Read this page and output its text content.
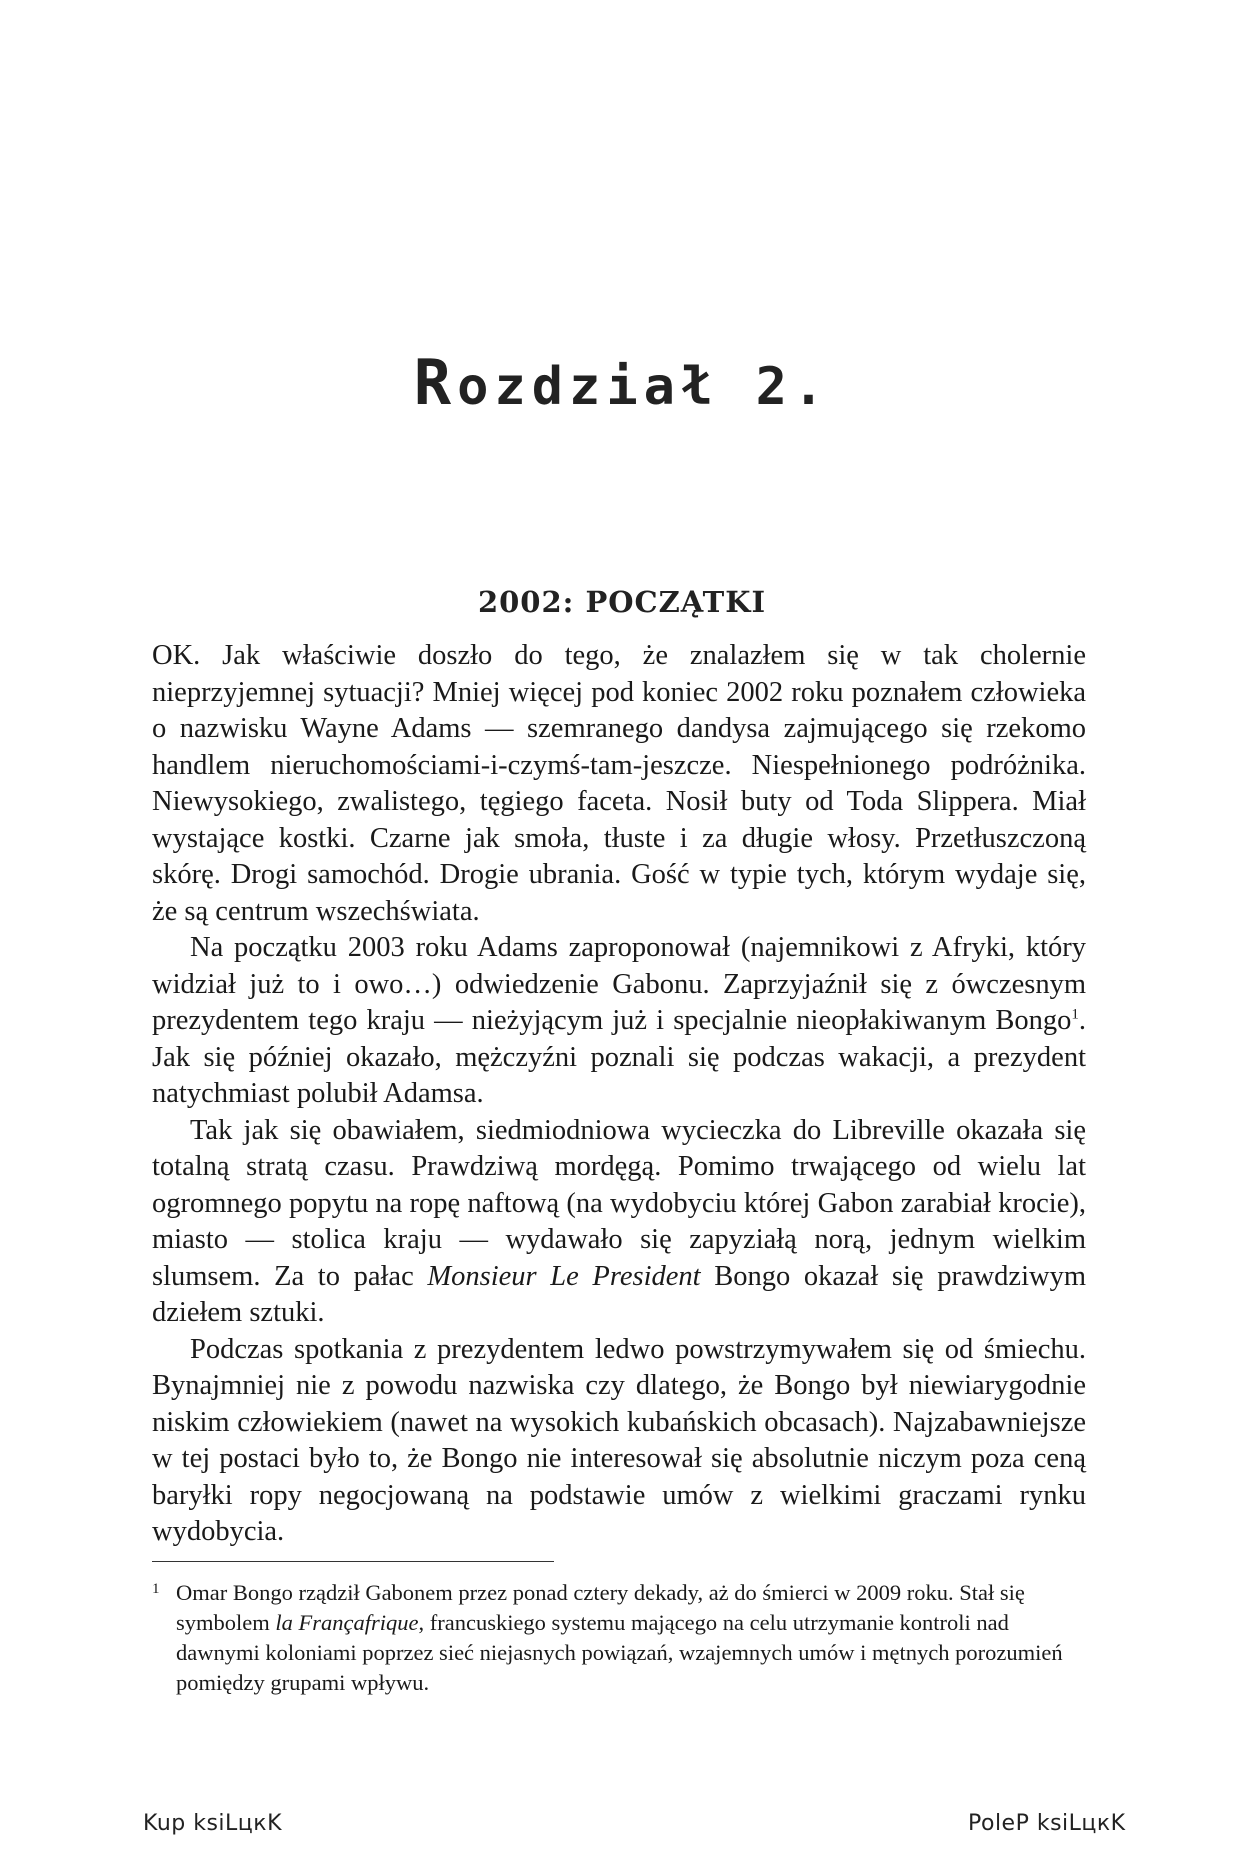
Rozdział 2.
2002: POCZĄTKI

OK. Jak właściwie doszło do tego, że znalazłem się w tak cholernie nieprzyjemnej sytuacji? Mniej więcej pod koniec 2002 roku poznałem człowieka o nazwisku Wayne Adams — szemranego dandysa zajmującego się rzekomo handlem nieruchomościami-i-czymś-tam-jeszcze. Niespełnionego podróżnika. Niewysokiego, zwalistego, tęgiego faceta. Nosił buty od Toda Slippera. Miał wystające kostki. Czarne jak smoła, tłuste i za długie włosy. Przetłuszczoną skórę. Drogi samochód. Drogie ubrania. Gość w typie tych, którym wydaje się, że są centrum wszechświata.

Na początku 2003 roku Adams zaproponował (najemnikowi z Afryki, który widział już to i owo…) odwiedzenie Gabonu. Zaprzyjaźnił się z ówczesnym prezydentem tego kraju — nieżyjącym już i specjalnie nieopłakiwanym Bongo$^1$. Jak się później okazało, mężczyźni poznali się podczas wakacji, a prezydent natychmiast polubił Adamsa.

Tak jak się obawiałem, siedmiodniowa wycieczka do Libreville okazała się totalną stratą czasu. Prawdziwą mordęgą. Pomimo trwającego od wielu lat ogromnego popytu na ropę naftową (na wydobyciu której Gabon zarabiał krocie), miasto — stolica kraju — wydawało się zapyziałą norą, jednym wielkim slumsem. Za to pałac Monsieur Le President Bongo okazał się prawdziwym dziełem sztuki.

Podczas spotkania z prezydentem ledwo powstrzymywałem się od śmiechu. Bynajmniej nie z powodu nazwiska czy dlatego, że Bongo był niewiarygodnie niskim człowiekiem (nawet na wysokich kubańskich obcasach). Najzabawniejsze w tej postaci było to, że Bongo nie interesował się absolutnie niczym poza ceną baryłki ropy negocjowaną na podstawie umów z wielkimi graczami rynku wydobycia.

1 Omar Bongo rządził Gabonem przez ponad cztery dekady, aż do śmierci w 2009 roku. Stał się symbolem la Françafrique, francuskiego systemu mającego na celu utrzymanie kontroli nad dawnymi koloniami poprzez sieć niejasnych powiązań, wzajemnych umów i mętnych porozumień pomiędzy grupami wpływu.
Kup ksiLцкK	PoleP ksiLцкK
